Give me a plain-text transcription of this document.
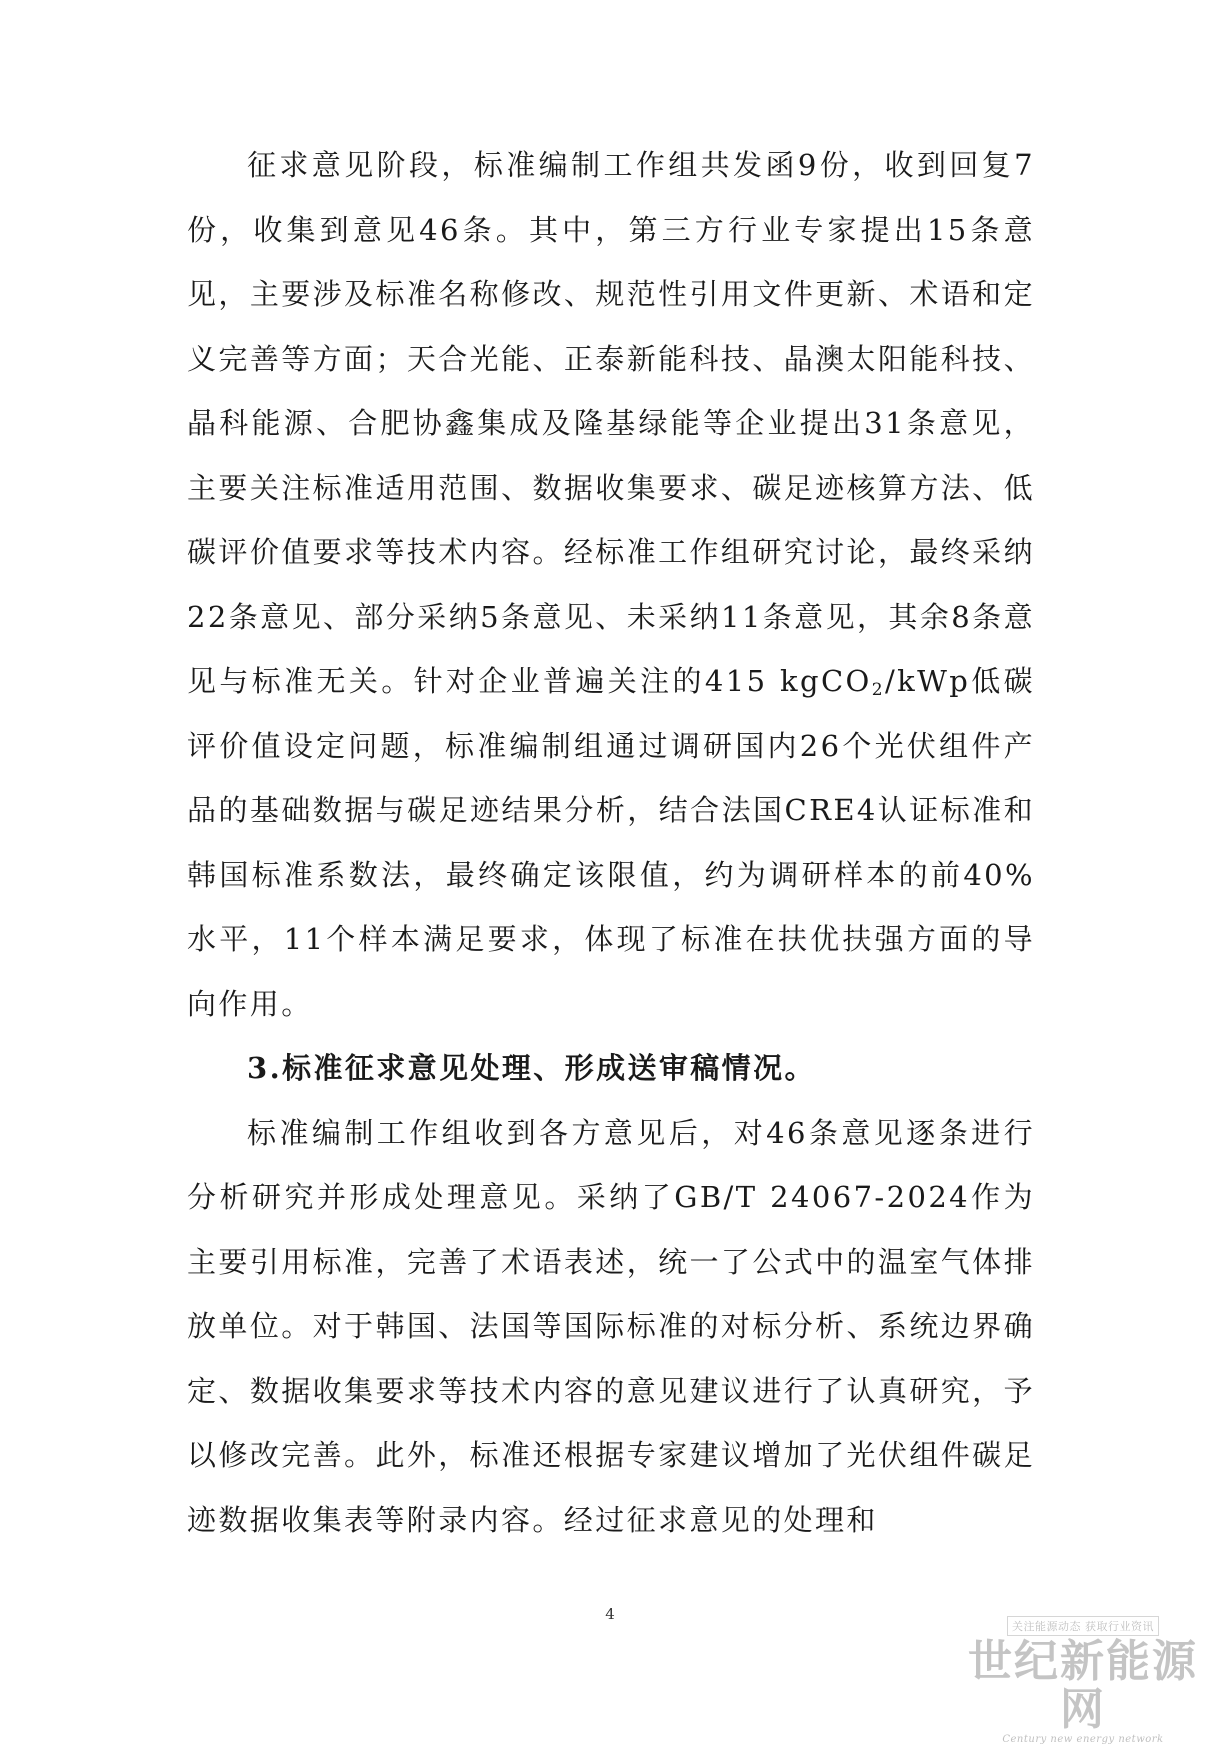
征求意见阶段，标准编制工作组共发函9份，收到回复7份，收集到意见46条。其中，第三方行业专家提出15条意见，主要涉及标准名称修改、规范性引用文件更新、术语和定义完善等方面；天合光能、正泰新能科技、晶澳太阳能科技、晶科能源、合肥协鑫集成及隆基绿能等企业提出31条意见，主要关注标准适用范围、数据收集要求、碳足迹核算方法、低碳评价值要求等技术内容。经标准工作组研究讨论，最终采纳22条意见、部分采纳5条意见、未采纳11条意见，其余8条意见与标准无关。针对企业普遍关注的415 kgCO$_2$/kWp低碳评价值设定问题，标准编制组通过调研国内26个光伏组件产品的基础数据与碳足迹结果分析，结合法国CRE4认证标准和韩国标准系数法，最终确定该限值，约为调研样本的前40%水平，11个样本满足要求，体现了标准在扶优扶强方面的导向作用。

3.标准征求意见处理、形成送审稿情况。

标准编制工作组收到各方意见后，对46条意见逐条进行分析研究并形成处理意见。采纳了GB/T 24067-2024作为主要引用标准，完善了术语表述，统一了公式中的温室气体排放单位。对于韩国、法国等国际标准的对标分析、系统边界确定、数据收集要求等技术内容的意见建议进行了认真研究，予以修改完善。此外，标准还根据专家建议增加了光伏组件碳足迹数据收集表等附录内容。经过征求意见的处理和

4
关注能源动态 获取行业资讯
世纪新能源网
Century new energy network
